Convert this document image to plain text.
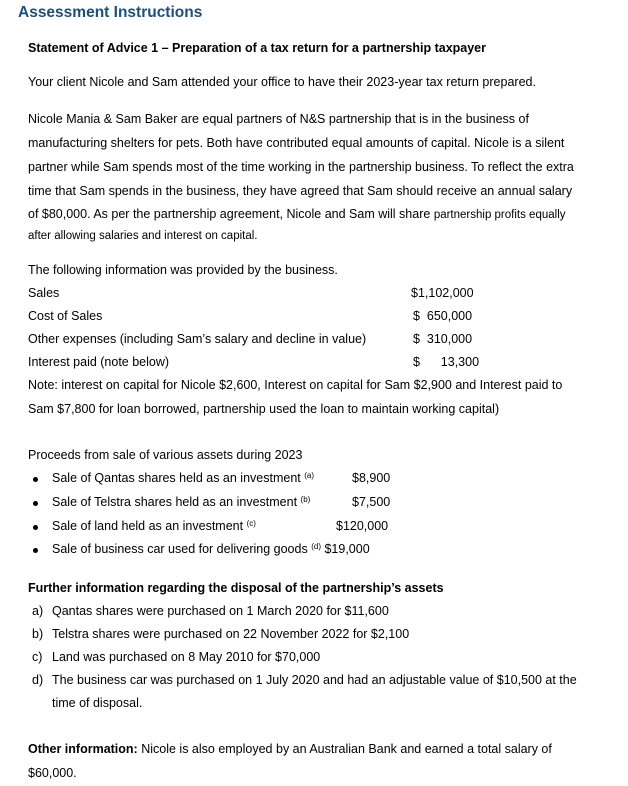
Assessment Instructions
Statement of Advice 1 – Preparation of a tax return for a partnership taxpayer
Your client Nicole and Sam attended your office to have their 2023-year tax return prepared.
Nicole Mania & Sam Baker are equal partners of N&S partnership that is in the business of
manufacturing shelters for pets. Both have contributed equal amounts of capital. Nicole is a silent
partner while Sam spends most of the time working in the partnership business. To reflect the extra
time that Sam spends in the business, they have agreed that Sam should receive an annual salary
of $80,000. As per the partnership agreement, Nicole and Sam will share partnership profits equally
after allowing salaries and interest on capital.
The following information was provided by the business.
Sales	$1,102,000
Cost of Sales	$  650,000
Other expenses (including Sam’s salary and decline in value)	$  310,000
Interest paid (note below)	$      13,300
Note: interest on capital for Nicole $2,600, Interest on capital for Sam $2,900 and Interest paid to
Sam $7,800 for loan borrowed, partnership used the loan to maintain working capital)
Proceeds from sale of various assets during 2023
Sale of Qantas shares held as an investment $^{(a)}$	$8,900
Sale of Telstra shares held as an investment $^{(b)}$	$7,500
Sale of land held as an investment $^{(c)}$	$120,000
Sale of business car used for delivering goods $^{(d)}$ $19,000
Further information regarding the disposal of the partnership’s assets
a) Qantas shares were purchased on 1 March 2020 for $11,600
b) Telstra shares were purchased on 22 November 2022 for $2,100
c) Land was purchased on 8 May 2010 for $70,000
d) The business car was purchased on 1 July 2020 and had an adjustable value of $10,500 at the
time of disposal.
Other information: Nicole is also employed by an Australian Bank and earned a total salary of
$60,000.
